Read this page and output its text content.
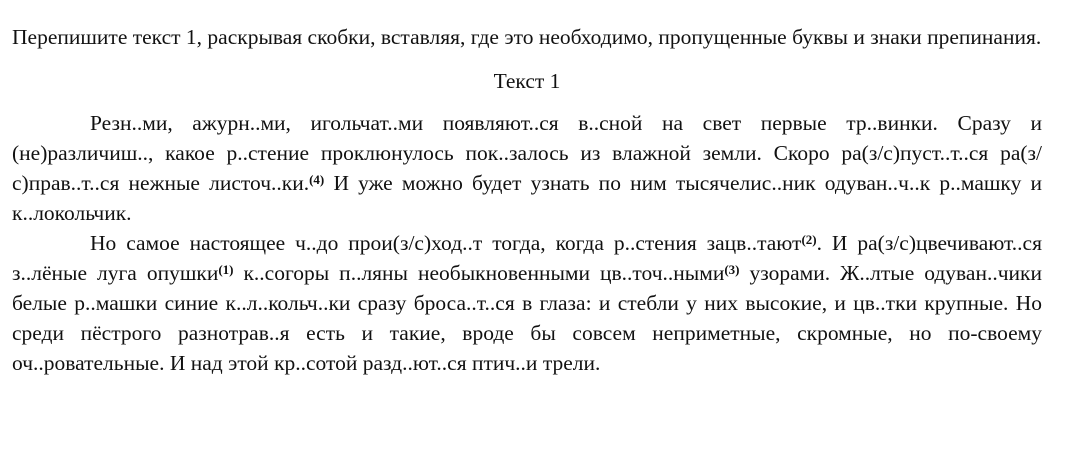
Перепишите текст 1, раскрывая скобки, вставляя, где это необходимо, пропущенные буквы и знаки препинания.

Текст 1

Резн..ми, ажурн..ми, игольчат..ми появляют..ся в..сной на свет первые тр..винки. Сразу и (не)различиш.., какое р..стение проклюнулось пок..залось из влажной земли. Скоро ра(з/с)пуст..т..ся ра(з/с)прав..т..ся нежные листоч..ки.$^{(4)}$ И уже можно будет узнать по ним тысячелис..ник одуван..ч..к р..машку и к..локольчик.

Но самое настоящее ч..до прои(з/с)ход..т тогда, когда р..стения зацв..тают$^{(2)}$. И ра(з/с)цвечивают..ся з..лёные луга опушки$^{(1)}$ к..согоры п..ляны необыкновенными цв..точ..ными$^{(3)}$ узорами. Ж..лтые одуван..чики белые р..машки синие к..л..кольч..ки сразу броса..т..ся в глаза: и стебли у них высокие, и цв..тки крупные. Но среди пёстрого разнотрав..я есть и такие, вроде бы совсем неприметные, скромные, но по-своему оч..ровательные. И над этой кр..сотой разд..ют..ся птич..и трели.
